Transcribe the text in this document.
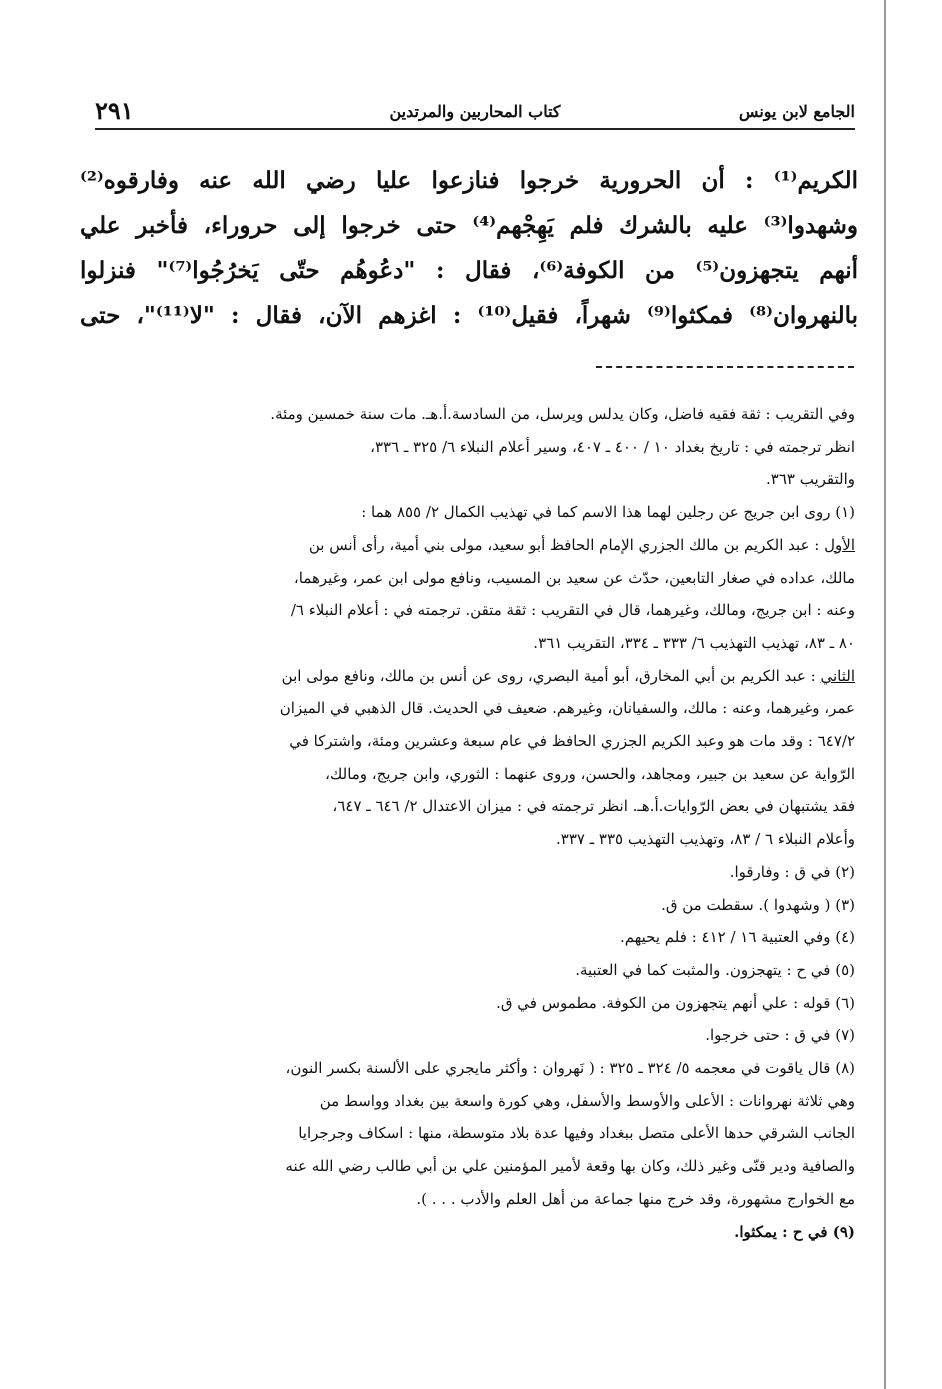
الجامع لابن يونس
كتاب المحاربين والمرتدين
٢٩١

الكريم⁽¹⁾ : أن الحرورية خرجوا فنازعوا عليا رضي الله عنه وفارقوه⁽²⁾

وشهدوا⁽³⁾ عليه بالشرك فلم يَهِجْهم⁽⁴⁾ حتى خرجوا إلى حروراء، فأخبر علي

أنهم يتجهزون⁽⁵⁾ من الكوفة⁽⁶⁾، فقال : "دعُوهُم حتّى يَخرُجُوا⁽⁷⁾" فنزلوا

بالنهروان⁽⁸⁾ فمكثوا⁽⁹⁾ شهراً، فقيل⁽¹⁰⁾ : اغزهم الآن، فقال : "لا⁽¹¹⁾"، حتى

وفي التقريب : ثقة فقيه فاضل، وكان يدلس ويرسل، من السادسة.أ.هـ. مات سنة خمسين ومئة.

انظر ترجمته في : تاريخ بغداد ١٠ / ٤٠٠ ـ ٤٠٧، وسير أعلام النبلاء ٦/ ٣٢٥ ـ ٣٣٦،

والتقريب ٣٦٣.

(١) روى ابن جريج عن رجلين لهما هذا الاسم كما في تهذيب الكمال ٢/ ٨٥٥ هما :

الأول : عبد الكريم بن مالك الجزري الإمام الحافظ أبو سعيد، مولى بني أمية، رأى أنس بن

مالك، عداده في صغار التابعين، حدّث عن سعيد بن المسيب، ونافع مولى ابن عمر، وغيرهما،

وعنه : ابن جريج، ومالك، وغيرهما، قال في التقريب : ثقة متقن. ترجمته في : أعلام النبلاء ٦/

٨٠ ـ ٨٣، تهذيب التهذيب ٦/ ٣٣٣ ـ ٣٣٤، التقريب ٣٦١.

الثاني : عبد الكريم بن أبي المخارق، أبو أمية البصري، روى عن أنس بن مالك، ونافع مولى ابن

عمر، وغيرهما، وعنه : مالك، والسفيانان، وغيرهم. ضعيف في الحديث. قال الذهبي في الميزان

٦٤٧/٢ : وقد مات هو وعبد الكريم الجزري الحافظ في عام سبعة وعشرين ومئة، واشتركا في

الرّواية عن سعيد بن جبير، ومجاهد، والحسن، وروى عنهما : الثوري، وابن جريج، ومالك،

فقد يشتبهان في بعض الرّوايات.أ.هـ. انظر ترجمته في : ميزان الاعتدال ٢/ ٦٤٦ ـ ٦٤٧،

وأعلام النبلاء ٦ / ٨٣، وتهذيب التهذيب ٣٣٥ ـ ٣٣٧.

(٢) في ق : وفارقوا.

(٣) ( وشهدوا ). سقطت من ق.

(٤) وفي العتبية ١٦ / ٤١٢ : فلم يحيهم.

(٥) في ح : يتهجزون. والمثبت كما في العتبية.

(٦) قوله : علي أنهم يتجهزون من الكوفة. مطموس في ق.

(٧) في ق : حتى خرجوا.

(٨) قال ياقوت في معجمه ٥/ ٣٢٤ ـ ٣٢٥ : ( نَهروان : وأكثر مايجري على الألسنة بكسر النون،

وهي ثلاثة نهروانات : الأعلى والأوسط والأسفل، وهي كورة واسعة بين بغداد وواسط من

الجانب الشرقي حدها الأعلى متصل ببغداد وفيها عدة بلاد متوسطة، منها : اسكاف وجرجرايا

والصافية ودير قنّى وغير ذلك، وكان بها وقعة لأمير المؤمنين علي بن أبي طالب رضي الله عنه

مع الخوارج مشهورة، وقد خرج منها جماعة من أهل العلم والأدب . . . ).

(٩) في ح : يمكثوا.
